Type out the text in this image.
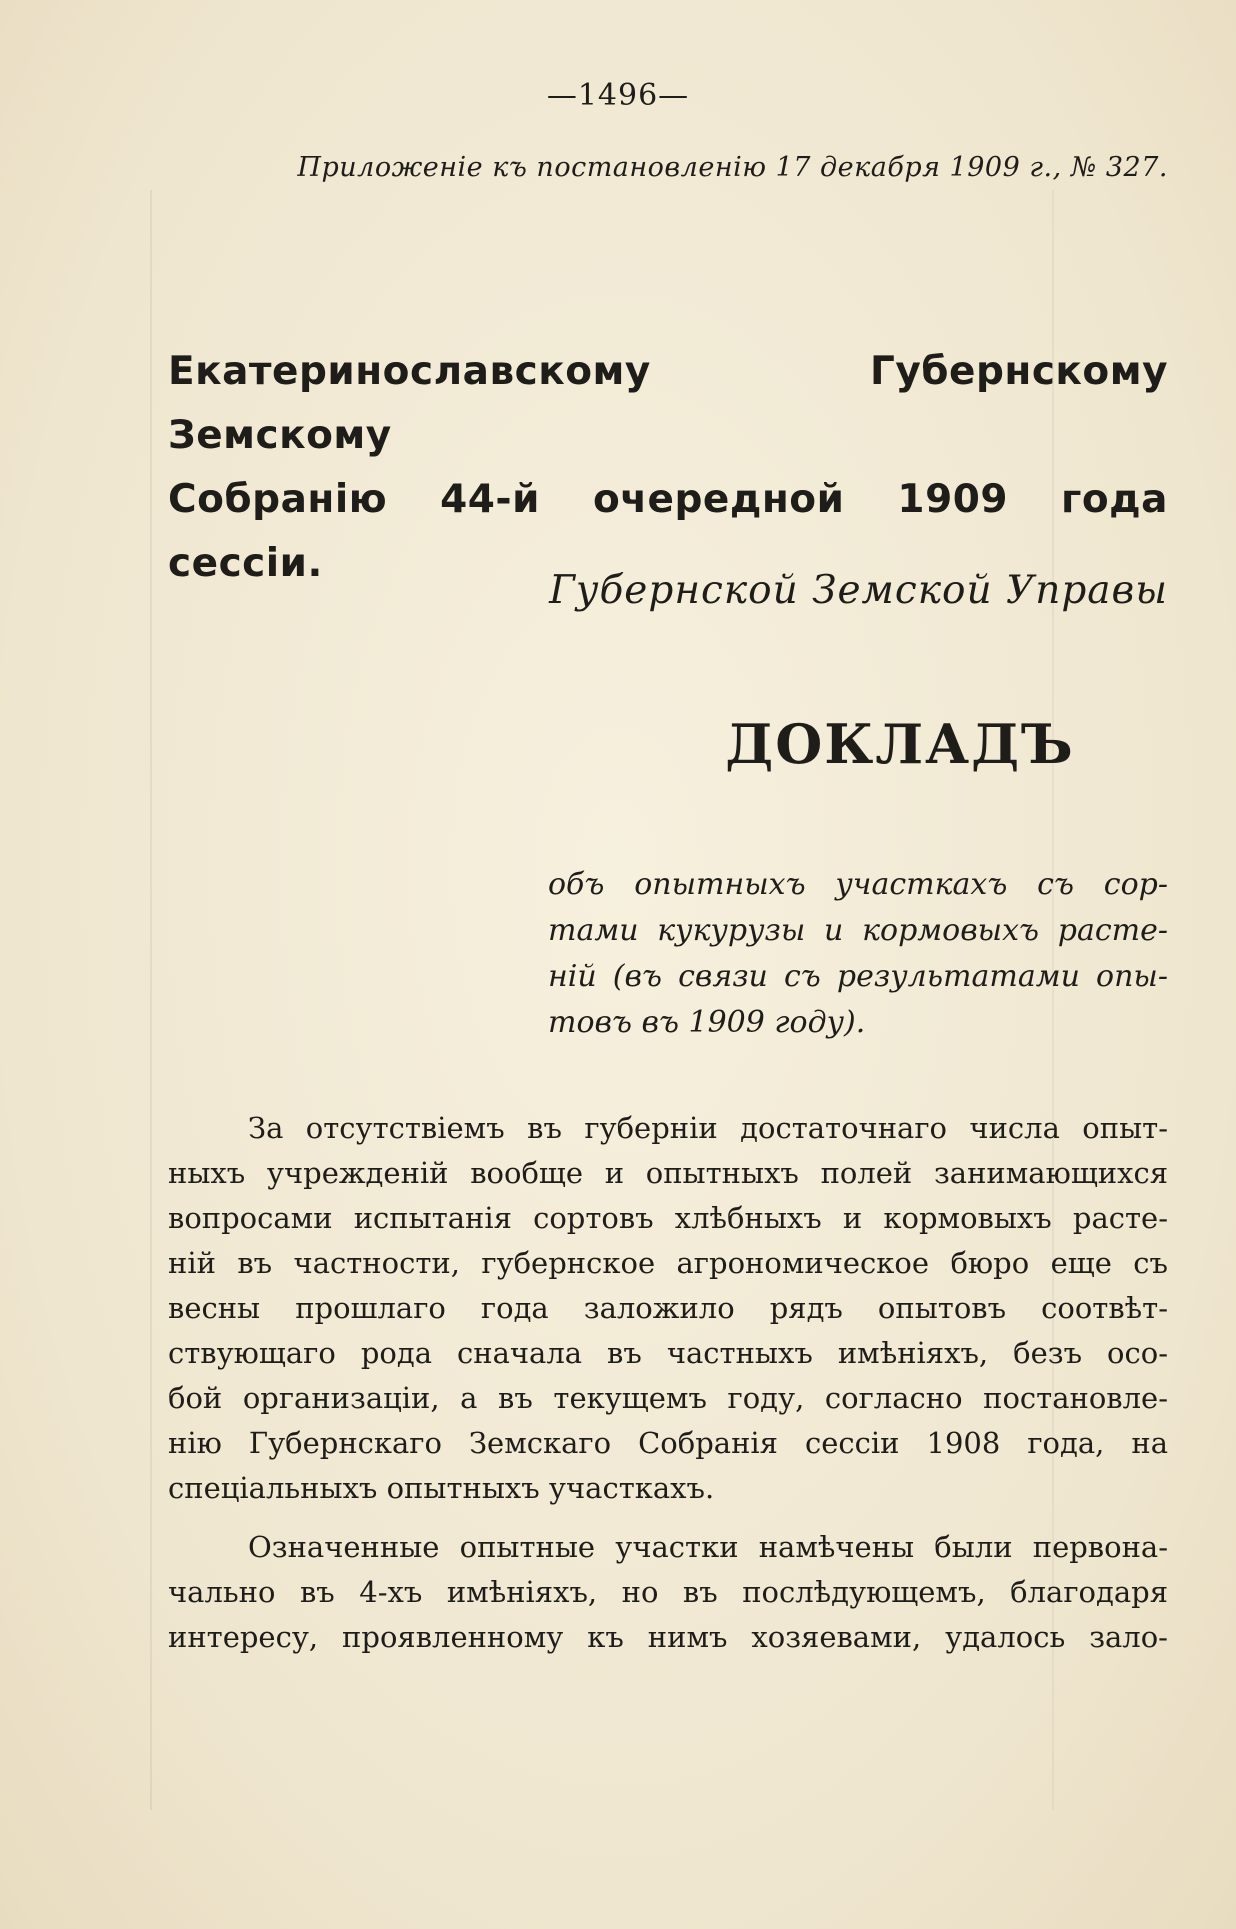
—1496—
Приложенiе къ постановленiю 17 декабря 1909 г., № 327.
Екатеринославскому Губернскому Земскому
Собранiю 44-й очередной 1909 года сессiи.
Губернской Земской Управы
ДОКЛАДЪ
объ опытныхъ участкахъ съ сор-
тами кукурузы и кормовыхъ расте-
нiй (въ связи съ результатами опы-
товъ въ 1909 году).
За отсутствiемъ въ губернiи достаточнаго числа опыт-
ныхъ учрежденiй вообще и опытныхъ полей занимающихся
вопросами испытанiя сортовъ хлѣбныхъ и кормовыхъ расте-
нiй въ частности, губернское агрономическое бюро еще съ
весны прошлаго года заложило рядъ опытовъ соотвѣт-
ствующаго рода сначала въ частныхъ имѣнiяхъ, безъ осо-
бой организацiи, а въ текущемъ году, согласно постановле-
нiю Губернскаго Земскаго Собранiя сессiи 1908 года, на
спецiальныхъ опытныхъ участкахъ.
Означенные опытные участки намѣчены были первона-
чально въ 4-хъ имѣнiяхъ, но въ послѣдующемъ, благодаря
интересу, проявленному къ нимъ хозяевами, удалось зало-
